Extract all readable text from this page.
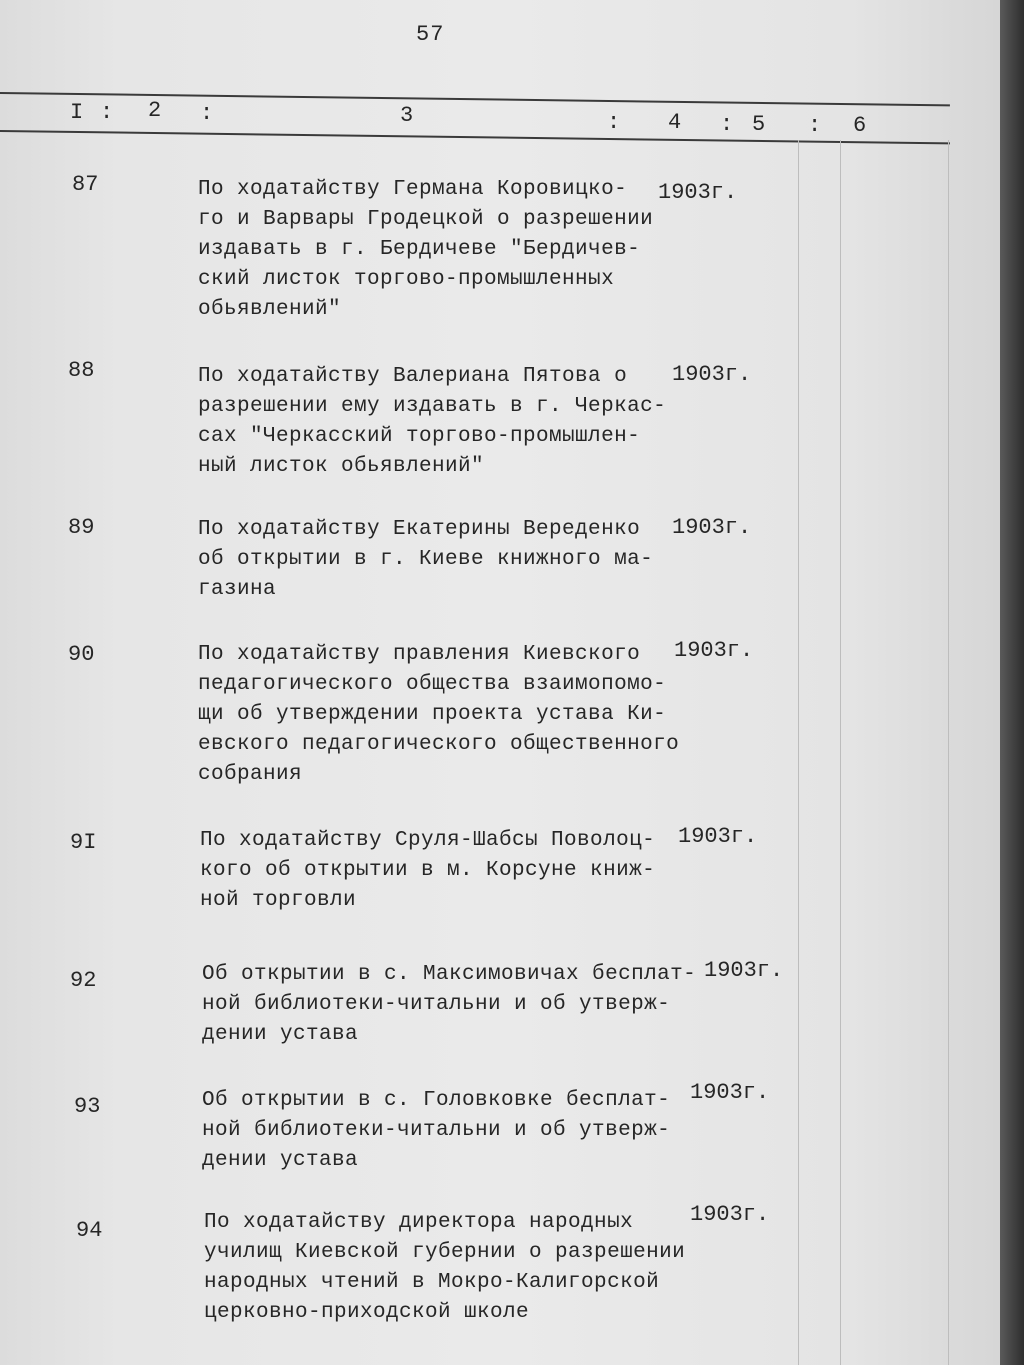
57
I : 2 :	3	: 4 : 5 : 6
87	По ходатайству Германа Коровицко-
го и Варвары Гродецкой о разрешении
издавать в г. Бердичеве "Бердичев-
ский листок торгово-промышленных
обьявлений"
1903г.
88	По ходатайству Валериана Пятова о
разрешении ему издавать в г. Черкас-
сах "Черкасский торгово-промышлен-
ный листок обьявлений"
1903г.
89	По ходатайству Екатерины Вереденко
об открытии в г. Киеве книжного ма-
газина
1903г.
90	По ходатайству правления Киевского
педагогического общества взаимопомо-
щи об утверждении проекта устава Ки-
евского педагогического общественного
собрания
1903г.
9I	По ходатайству Сруля-Шабсы Поволоц-
кого об открытии в м. Корсуне книж-
ной торговли
1903г.
92	Об открытии в с. Максимовичах бесплат-
ной библиотеки-читальни и об утверж-
дении устава
1903г.
93	Об открытии в с. Головковке бесплат-
ной библиотеки-читальни и об утверж-
дении устава
1903г.
94	По ходатайству директора народных
училищ Киевской губернии о разрешении
народных чтений в Мокро-Калигорской
церковно-приходской школе
1903г.
